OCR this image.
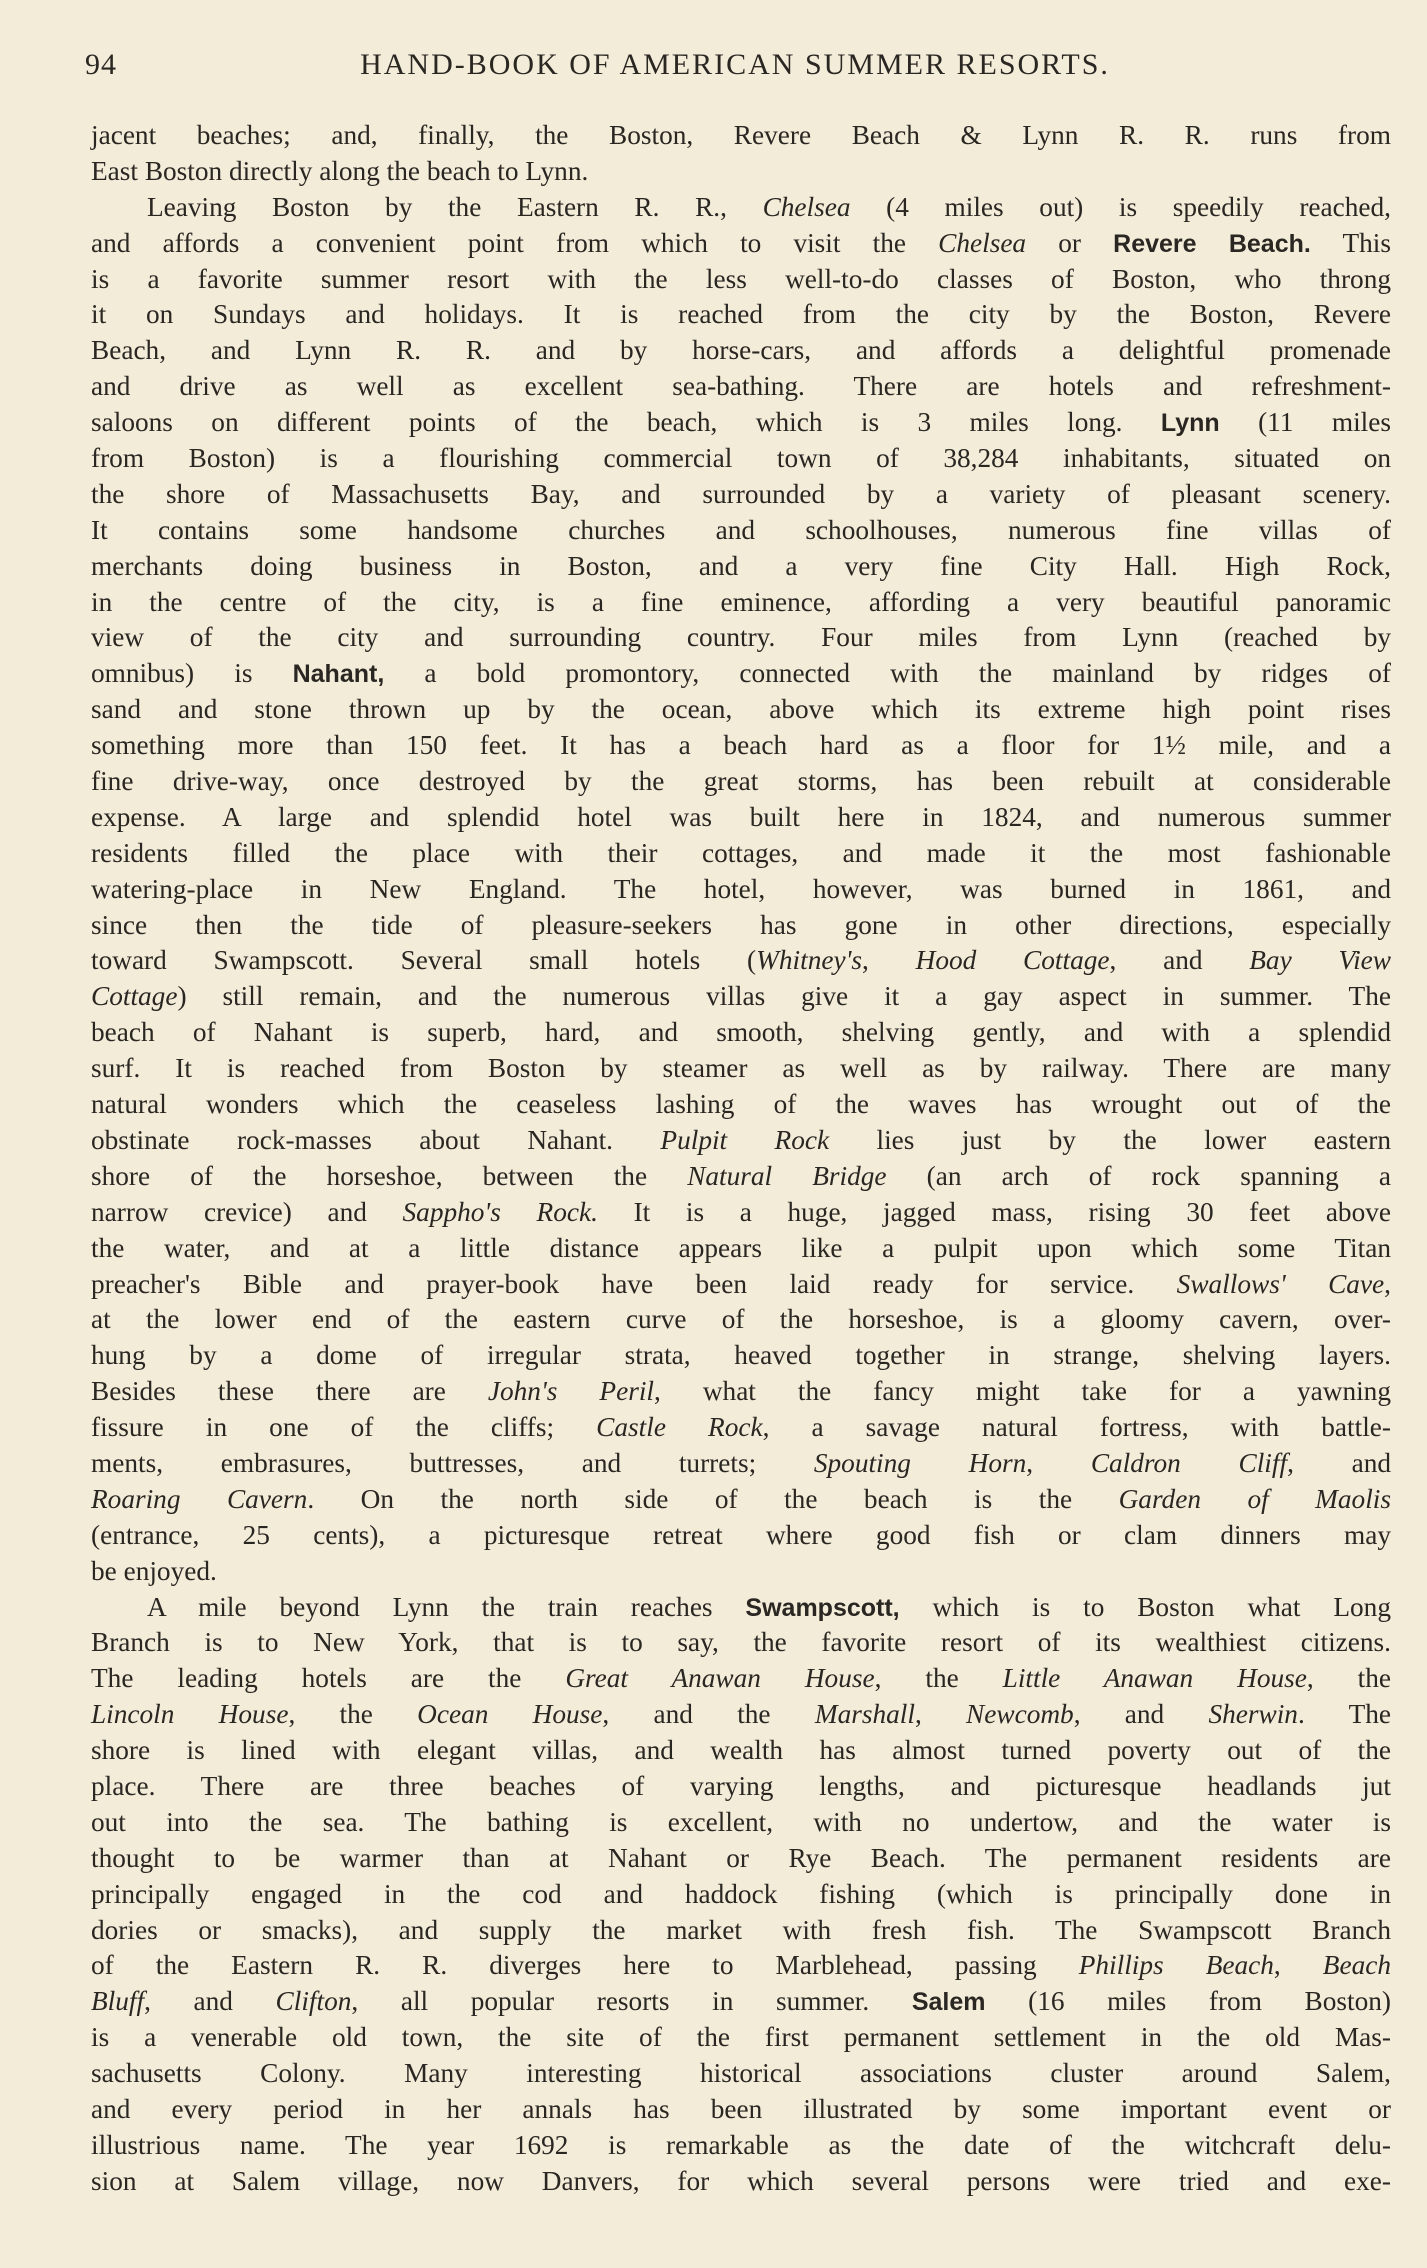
94	HAND-BOOK OF AMERICAN SUMMER RESORTS.
jacent beaches; and, finally, the Boston, Revere Beach & Lynn R. R. runs from
East Boston directly along the beach to Lynn.
Leaving Boston by the Eastern R. R., Chelsea (4 miles out) is speedily reached,
and affords a convenient point from which to visit the Chelsea or Revere Beach. This
is a favorite summer resort with the less well-to-do classes of Boston, who throng
it on Sundays and holidays. It is reached from the city by the Boston, Revere
Beach, and Lynn R. R. and by horse-cars, and affords a delightful promenade
and drive as well as excellent sea-bathing. There are hotels and refreshment-
saloons on different points of the beach, which is 3 miles long. Lynn (11 miles
from Boston) is a flourishing commercial town of 38,284 inhabitants, situated on
the shore of Massachusetts Bay, and surrounded by a variety of pleasant scenery.
It contains some handsome churches and schoolhouses, numerous fine villas of
merchants doing business in Boston, and a very fine City Hall. High Rock,
in the centre of the city, is a fine eminence, affording a very beautiful panoramic
view of the city and surrounding country. Four miles from Lynn (reached by
omnibus) is Nahant, a bold promontory, connected with the mainland by ridges of
sand and stone thrown up by the ocean, above which its extreme high point rises
something more than 150 feet. It has a beach hard as a floor for 1½ mile, and a
fine drive-way, once destroyed by the great storms, has been rebuilt at considerable
expense. A large and splendid hotel was built here in 1824, and numerous summer
residents filled the place with their cottages, and made it the most fashionable
watering-place in New England. The hotel, however, was burned in 1861, and
since then the tide of pleasure-seekers has gone in other directions, especially
toward Swampscott. Several small hotels (Whitney's, Hood Cottage, and Bay View
Cottage) still remain, and the numerous villas give it a gay aspect in summer. The
beach of Nahant is superb, hard, and smooth, shelving gently, and with a splendid
surf. It is reached from Boston by steamer as well as by railway. There are many
natural wonders which the ceaseless lashing of the waves has wrought out of the
obstinate rock-masses about Nahant. Pulpit Rock lies just by the lower eastern
shore of the horseshoe, between the Natural Bridge (an arch of rock spanning a
narrow crevice) and Sappho's Rock. It is a huge, jagged mass, rising 30 feet above
the water, and at a little distance appears like a pulpit upon which some Titan
preacher's Bible and prayer-book have been laid ready for service. Swallows' Cave,
at the lower end of the eastern curve of the horseshoe, is a gloomy cavern, over-
hung by a dome of irregular strata, heaved together in strange, shelving layers.
Besides these there are John's Peril, what the fancy might take for a yawning
fissure in one of the cliffs; Castle Rock, a savage natural fortress, with battle-
ments, embrasures, buttresses, and turrets; Spouting Horn, Caldron Cliff, and
Roaring Cavern. On the north side of the beach is the Garden of Maolis
(entrance, 25 cents), a picturesque retreat where good fish or clam dinners may
be enjoyed.
A mile beyond Lynn the train reaches Swampscott, which is to Boston what Long
Branch is to New York, that is to say, the favorite resort of its wealthiest citizens.
The leading hotels are the Great Anawan House, the Little Anawan House, the
Lincoln House, the Ocean House, and the Marshall, Newcomb, and Sherwin. The
shore is lined with elegant villas, and wealth has almost turned poverty out of the
place. There are three beaches of varying lengths, and picturesque headlands jut
out into the sea. The bathing is excellent, with no undertow, and the water is
thought to be warmer than at Nahant or Rye Beach. The permanent residents are
principally engaged in the cod and haddock fishing (which is principally done in
dories or smacks), and supply the market with fresh fish. The Swampscott Branch
of the Eastern R. R. diverges here to Marblehead, passing Phillips Beach, Beach
Bluff, and Clifton, all popular resorts in summer. Salem (16 miles from Boston)
is a venerable old town, the site of the first permanent settlement in the old Mas-
sachusetts Colony. Many interesting historical associations cluster around Salem,
and every period in her annals has been illustrated by some important event or
illustrious name. The year 1692 is remarkable as the date of the witchcraft delu-
sion at Salem village, now Danvers, for which several persons were tried and exe-
